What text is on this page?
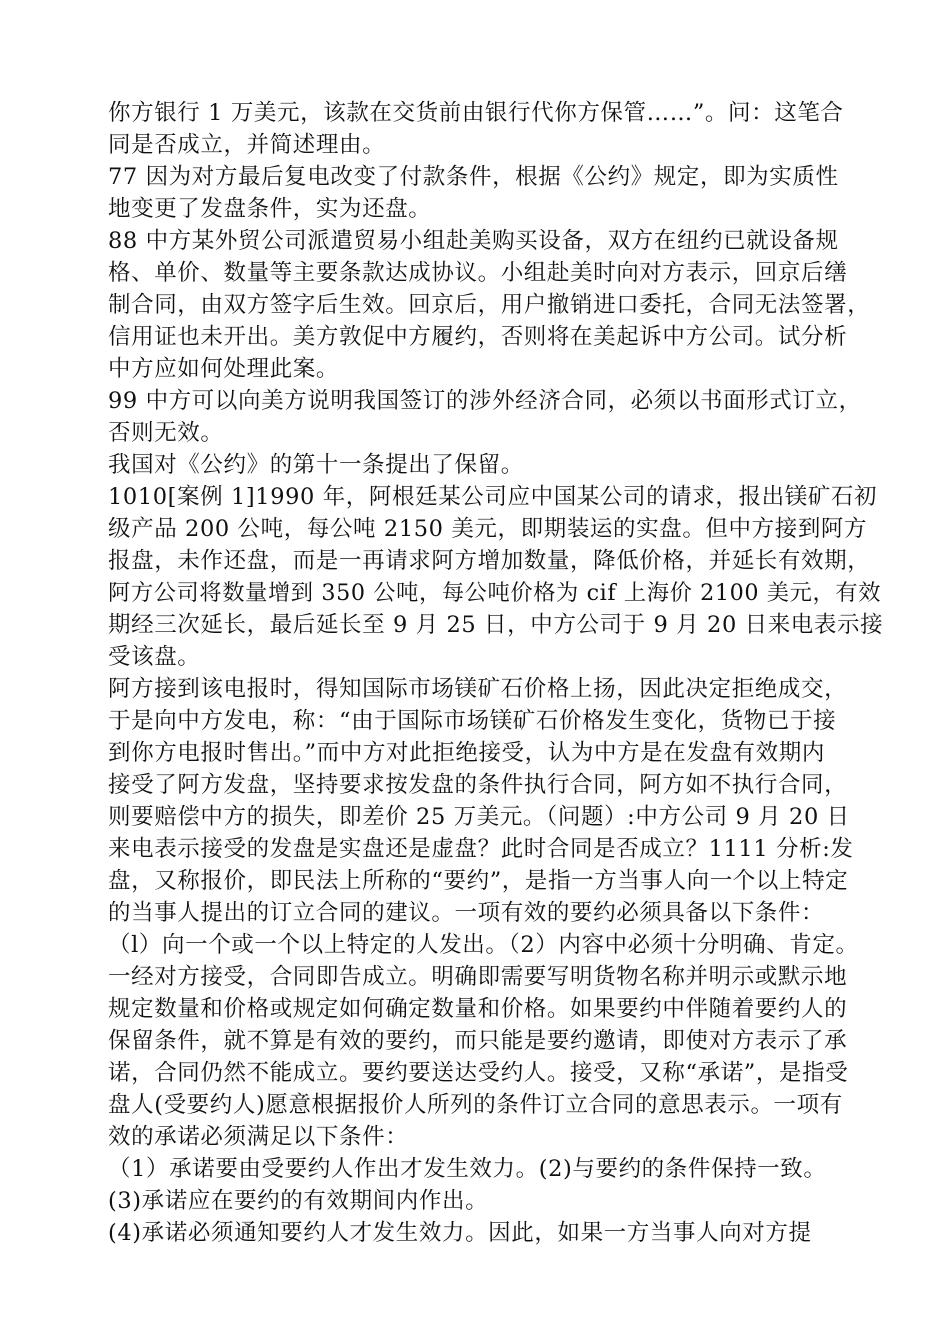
你方银行 1 万美元，该款在交货前由银行代你方保管……”。问：这笔合
同是否成立，并简述理由。
77 因为对方最后复电改变了付款条件，根据《公约》规定，即为实质性
地变更了发盘条件，实为还盘。
88 中方某外贸公司派遣贸易小组赴美购买设备，双方在纽约已就设备规
格、单价、数量等主要条款达成协议。小组赴美时向对方表示，回京后缮
制合同，由双方签字后生效。回京后，用户撤销进口委托，合同无法签署，
信用证也未开出。美方敦促中方履约，否则将在美起诉中方公司。试分析
中方应如何处理此案。
99 中方可以向美方说明我国签订的涉外经济合同，必须以书面形式订立，
否则无效。
我国对《公约》的第十一条提出了保留。
1010[案例 1]1990 年，阿根廷某公司应中国某公司的请求，报出镁矿石初
级产品 200 公吨，每公吨 2150 美元，即期装运的实盘。但中方接到阿方
报盘，未作还盘，而是一再请求阿方增加数量，降低价格，并延长有效期，
阿方公司将数量增到 350 公吨，每公吨价格为 cif 上海价 2100 美元，有效
期经三次延长，最后延长至 9 月 25 日，中方公司于 9 月 20 日来电表示接
受该盘。
阿方接到该电报时，得知国际市场镁矿石价格上扬，因此决定拒绝成交，
于是向中方发电，称：“由于国际市场镁矿石价格发生变化，货物已于接
到你方电报时售出。”而中方对此拒绝接受，认为中方是在发盘有效期内
接受了阿方发盘，坚持要求按发盘的条件执行合同，阿方如不执行合同，
则要赔偿中方的损失，即差价 25 万美元。（问题）:中方公司 9 月 20 日
来电表示接受的发盘是实盘还是虚盘？此时合同是否成立？1111 分析:发
盘，又称报价，即民法上所称的“要约”，是指一方当事人向一个以上特定
的当事人提出的订立合同的建议。一项有效的要约必须具备以下条件：
（l）向一个或一个以上特定的人发出。（2）内容中必须十分明确、肯定。
一经对方接受，合同即告成立。明确即需要写明货物名称并明示或默示地
规定数量和价格或规定如何确定数量和价格。如果要约中伴随着要约人的
保留条件，就不算是有效的要约，而只能是要约邀请，即使对方表示了承
诺，合同仍然不能成立。要约要送达受约人。接受，又称“承诺”，是指受
盘人(受要约人)愿意根据报价人所列的条件订立合同的意思表示。一项有
效的承诺必须满足以下条件：
（1）承诺要由受要约人作出才发生效力。(2)与要约的条件保持一致。
(3)承诺应在要约的有效期间内作出。
(4)承诺必须通知要约人才发生效力。因此，如果一方当事人向对方提
